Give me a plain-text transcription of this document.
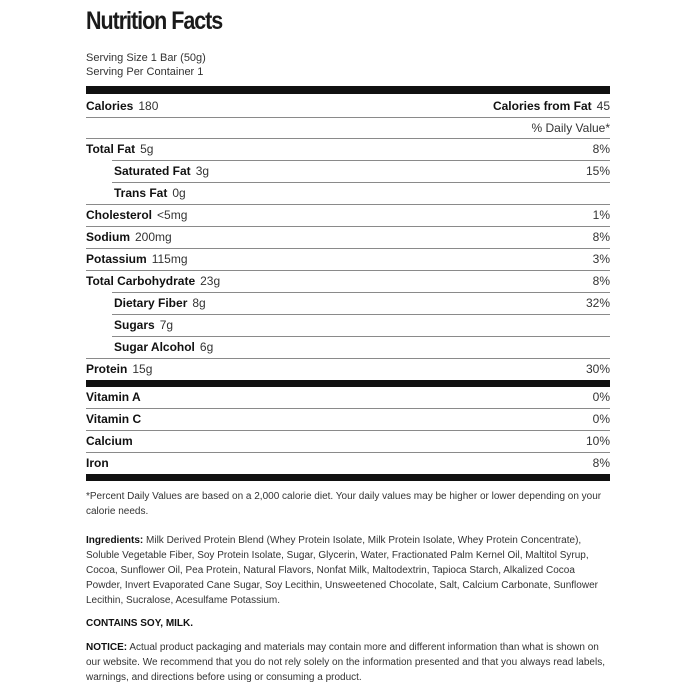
Nutrition Facts
Serving Size 1 Bar (50g)
Serving Per Container 1
Calories 180	Calories from Fat 45
% Daily Value*
Total Fat 5g	8%
Saturated Fat 3g	15%
Trans Fat 0g
Cholesterol <5mg	1%
Sodium 200mg	8%
Potassium 115mg	3%
Total Carbohydrate 23g	8%
Dietary Fiber 8g	32%
Sugars 7g
Sugar Alcohol 6g
Protein 15g	30%
Vitamin A	0%
Vitamin C	0%
Calcium	10%
Iron	8%
*Percent Daily Values are based on a 2,000 calorie diet. Your daily values may be higher or lower depending on your calorie needs.
Ingredients: Milk Derived Protein Blend (Whey Protein Isolate, Milk Protein Isolate, Whey Protein Concentrate), Soluble Vegetable Fiber, Soy Protein Isolate, Sugar, Glycerin, Water, Fractionated Palm Kernel Oil, Maltitol Syrup, Cocoa, Sunflower Oil, Pea Protein, Natural Flavors, Nonfat Milk, Maltodextrin, Tapioca Starch, Alkalized Cocoa Powder, Invert Evaporated Cane Sugar, Soy Lecithin, Unsweetened Chocolate, Salt, Calcium Carbonate, Sunflower Lecithin, Sucralose, Acesulfame Potassium.
CONTAINS SOY, MILK.
NOTICE: Actual product packaging and materials may contain more and different information than what is shown on our website. We recommend that you do not rely solely on the information presented and that you always read labels, warnings, and directions before using or consuming a product.
